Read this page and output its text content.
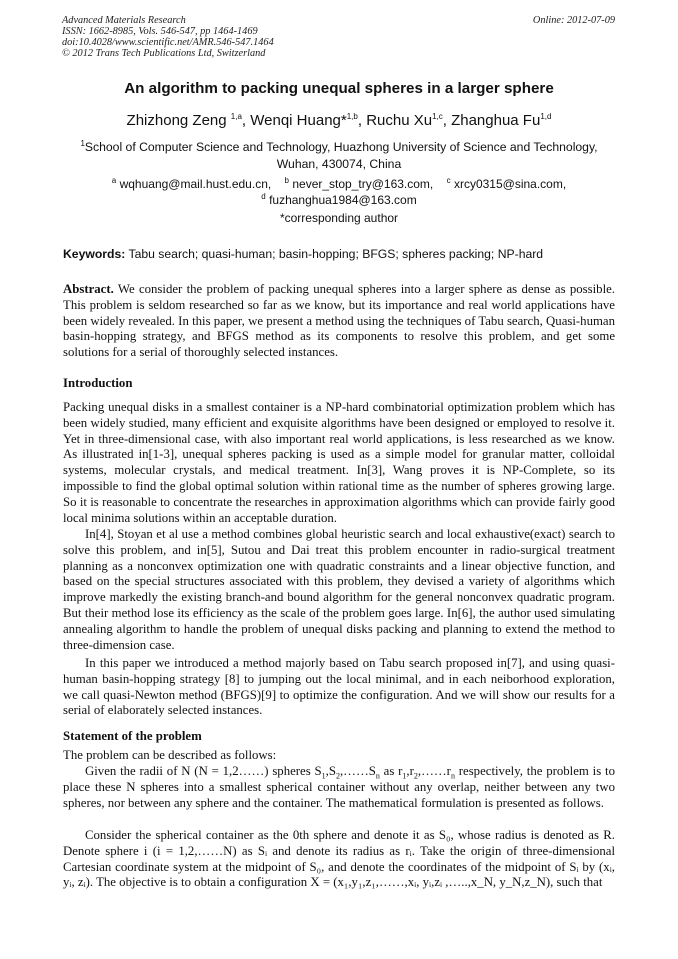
Advanced Materials Research
ISSN: 1662-8985, Vols. 546-547, pp 1464-1469
doi:10.4028/www.scientific.net/AMR.546-547.1464
© 2012 Trans Tech Publications Ltd, Switzerland
Online: 2012-07-09
An algorithm to packing unequal spheres in a larger sphere
Zhizhong Zeng $^{1,a}$, Wenqi Huang*$^{1,b}$, Ruchu Xu$^{1,c}$, Zhanghua Fu$^{1,d}$
$^1$School of Computer Science and Technology, Huazhong University of Science and Technology,
Wuhan, 430074, China
$^a$ wqhuang@mail.hust.edu.cn, $^b$ never_stop_try@163.com, $^c$ xrcy0315@sina.com,
$^d$ fuzhanghua1984@163.com
*corresponding author
Keywords: Tabu search; quasi-human; basin-hopping; BFGS; spheres packing; NP-hard
Abstract. We consider the problem of packing unequal spheres into a larger sphere as dense as possible. This problem is seldom researched so far as we know, but its importance and real world applications have been widely revealed. In this paper, we present a method using the techniques of Tabu search, Quasi-human basin-hopping strategy, and BFGS method as its components to resolve this problem, and get some solutions for a serial of thoroughly selected instances.
Introduction
Packing unequal disks in a smallest container is a NP-hard combinatorial optimization problem which has been widely studied, many efficient and exquisite algorithms have been designed or employed to resolve it. Yet in three-dimensional case, with also important real world applications, is less researched as we know. As illustrated in[1-3], unequal spheres packing is used as a simple model for granular matter, colloidal systems, molecular crystals, and medical treatment. In[3], Wang proves it is NP-Complete, so its impossible to find the global optimal solution within rational time as the number of spheres growing large. So it is reasonable to concentrate the researches in approximation algorithms which can provide fairly good local minima solutions within an acceptable duration.
In[4], Stoyan et al use a method combines global heuristic search and local exhaustive(exact) search to solve this problem, and in[5], Sutou and Dai treat this problem encounter in radio-surgical treatment planning as a nonconvex optimization one with quadratic constraints and a linear objective function, and based on the special structures associated with this problem, they devised a variety of algorithms which improve markedly the existing branch-and bound algorithm for the general nonconvex quadratic program. But their method lose its efficiency as the scale of the problem goes large. In[6], the author used simulating annealing algorithm to handle the problem of unequal disks packing and planning to extend the method to three-dimension case.
In this paper we introduced a method majorly based on Tabu search proposed in[7], and using quasi-human basin-hopping strategy [8] to jumping out the local minimal, and in each neiborhood exploration, we call quasi-Newton method (BFGS)[9] to optimize the configuration. And we will show our results for a serial of elaborately selected instances.
Statement of the problem
The problem can be described as follows:
Given the radii of N (N = 1,2……) spheres $S_1,S_2,\dots\dots S_n$ as $r_1,r_2,\dots\dots r_n$ respectively, the problem is to place these N spheres into a smallest spherical container without any overlap, neither between any two spheres, nor between any sphere and the container. The mathematical formulation is presented as follows.
Consider the spherical container as the 0th sphere and denote it as S₀, whose radius is denoted as R. Denote sphere i (i = 1,2,……N) as Sᵢ and denote its radius as rᵢ. Take the origin of three-dimensional Cartesian coordinate system at the midpoint of S₀, and denote the coordinates of the midpoint of Sᵢ by (xᵢ, yᵢ, zᵢ). The objective is to obtain a configuration X = (x₁,y₁,z₁,……,xᵢ, yᵢ,zᵢ ,…..,x_N, y_N,z_N), such that
